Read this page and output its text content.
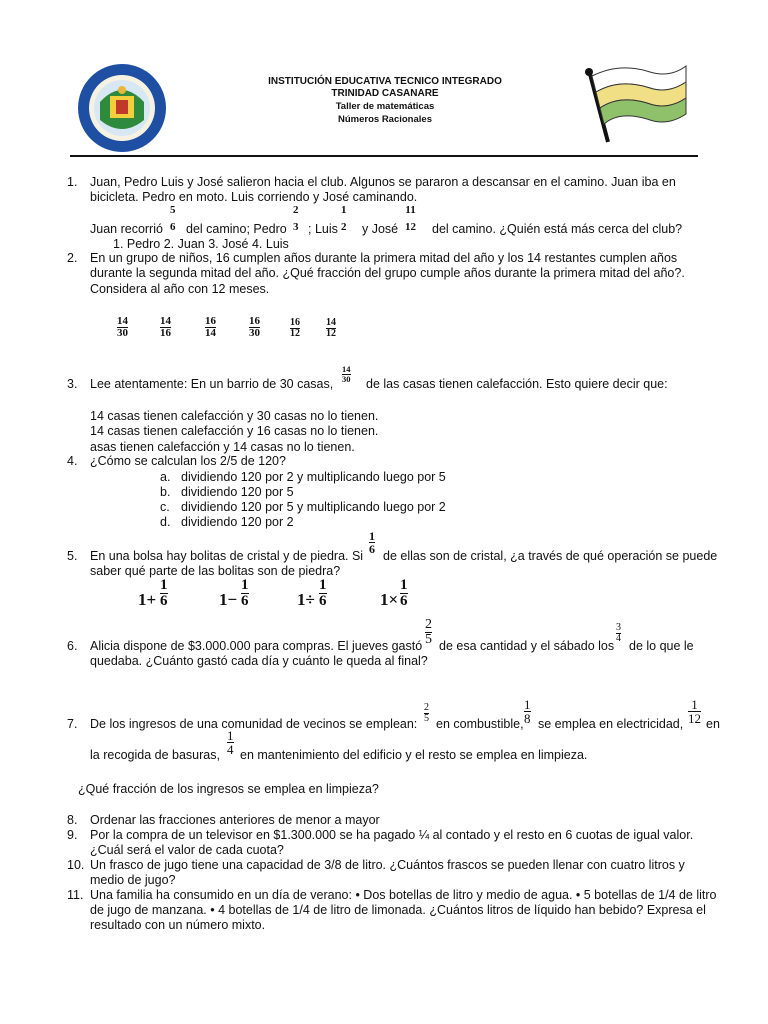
INSTITUCIÓN EDUCATIVA TECNICO INTEGRADO
TRINIDAD CASANARE
Taller de matemáticas
Números Racionales
1. Juan, Pedro Luis y José salieron hacia el club. Algunos se pararon a descansar en el camino. Juan iba en
bicicleta. Pedro en moto. Luis corriendo y José caminando.
Juan recorrió
5
6 del camino; Pedro
2
3 ; Luis
1
2 y José
11
12 del camino. ¿Quién está más cerca del club?
1. Pedro 2. Juan 3. José 4. Luis
2. En un grupo de niños, 16 cumplen años durante la primera mitad del año y los 14 restantes cumplen años
durante la segunda mitad del año. ¿Qué fracción del grupo cumple años durante la primera mitad del año?.
Considera al año con 12 meses.
14
30
14
16
16
14
16
30
16
12
14
12
3. Lee atentamente: En un barrio de 30 casas,
14
30 de las casas tienen calefacción. Esto quiere decir que:
14 casas tienen calefacción y 30 casas no lo tienen.
14 casas tienen calefacción y 16 casas no lo tienen.
asas tienen calefacción y 14 casas no lo tienen.
4. ¿Cómo se calculan los 2/5 de 120?
a. dividiendo 120 por 2 y multiplicando luego por 5
b. dividiendo 120 por 5
c. dividiendo 120 por 5 y multiplicando luego por 2
d. dividiendo 120 por 2
5. En una bolsa hay bolitas de cristal y de piedra. Si
1
6 de ellas son de cristal, ¿a través de qué operación se puede
saber qué parte de las bolitas son de piedra?
1+
1
6	1−
1
6	1÷
1
6	1×
1
6
6. Alicia dispone de $3.000.000 para compras. El jueves gastó
2
5 de esa cantidad y el sábado los
3
4
de lo que le
quedaba. ¿Cuánto gastó cada día y cuánto le queda al final?
7. De los ingresos de una comunidad de vecinos se emplean:
2
5 en combustible,
1
8 se emplea en electricidad,
1
12 en
la recogida de basuras,
1
4 en mantenimiento del edificio y el resto se emplea en limpieza.
¿Qué fracción de los ingresos se emplea en limpieza?
8. Ordenar las fracciones anteriores de menor a mayor
9. Por la compra de un televisor en $1.300.000 se ha pagado ¼ al contado y el resto en 6 cuotas de igual valor.
¿Cuál será el valor de cada cuota?
10. Un frasco de jugo tiene una capacidad de 3/8 de litro. ¿Cuántos frascos se pueden llenar con cuatro litros y
medio de jugo?
11. Una familia ha consumido en un día de verano: • Dos botellas de litro y medio de agua. • 5 botellas de 1/4 de litro
de jugo de manzana. • 4 botellas de 1/4 de litro de limonada. ¿Cuántos litros de líquido han bebido? Expresa el
resultado con un número mixto.
